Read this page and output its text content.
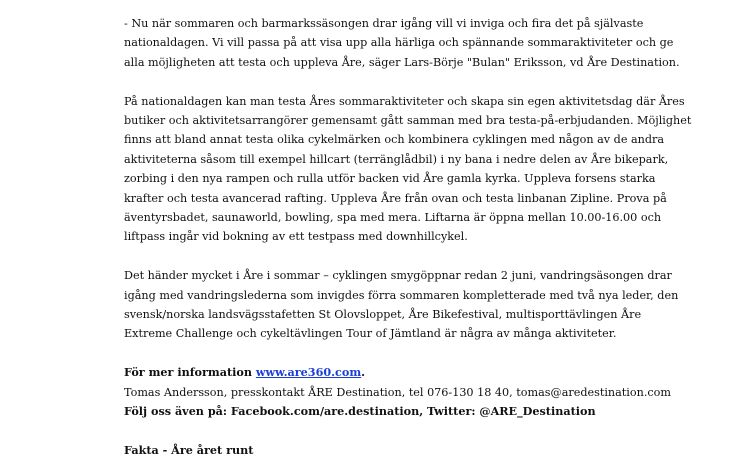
- Nu när sommaren och barmarkssäsongen drar igång vill vi inviga och fira det på självaste
nationaldagen. Vi vill passa på att visa upp alla härliga och spännande sommaraktiviteter och ge
alla möjligheten att testa och uppleva Åre, säger Lars-Börje "Bulan" Eriksson, vd Åre Destination.

På nationaldagen kan man testa Åres sommaraktiviteter och skapa sin egen aktivitetsdag där Åres
butiker och aktivitetsarrangörer gemensamt gått samman med bra testa-på-erbjudanden. Möjlighet
finns att bland annat testa olika cykelmärken och kombinera cyklingen med någon av de andra
aktiviteterna såsom till exempel hillcart (terränglådbil) i ny bana i nedre delen av Åre bikepark,
zorbing i den nya rampen och rulla utför backen vid Åre gamla kyrka. Uppleva forsens starka
krafter och testa avancerad rafting. Uppleva Åre från ovan och testa linbanan Zipline. Prova på
äventyrsbadet, saunaworld, bowling, spa med mera. Liftarna är öppna mellan 10.00-16.00 och
liftpass ingår vid bokning av ett testpass med downhillcykel.

Det händer mycket i Åre i sommar – cyklingen smygöppnar redan 2 juni, vandringsäsongen drar
igång med vandringslederna som invigdes förra sommaren kompletterade med två nya leder, den
svensk/norska landsvägsstafetten St Olovsloppet, Åre Bikefestival, multisporttävlingen Åre
Extreme Challenge och cykeltävlingen Tour of Jämtland är några av många aktiviteter.

För mer information www.are360.com.
Tomas Andersson, presskontakt ÅRE Destination, tel 076-130 18 40, tomas@aredestination.com
Följ oss även på: Facebook.com/are.destination, Twitter: @ARE_Destination
Fakta - Åre året runt
